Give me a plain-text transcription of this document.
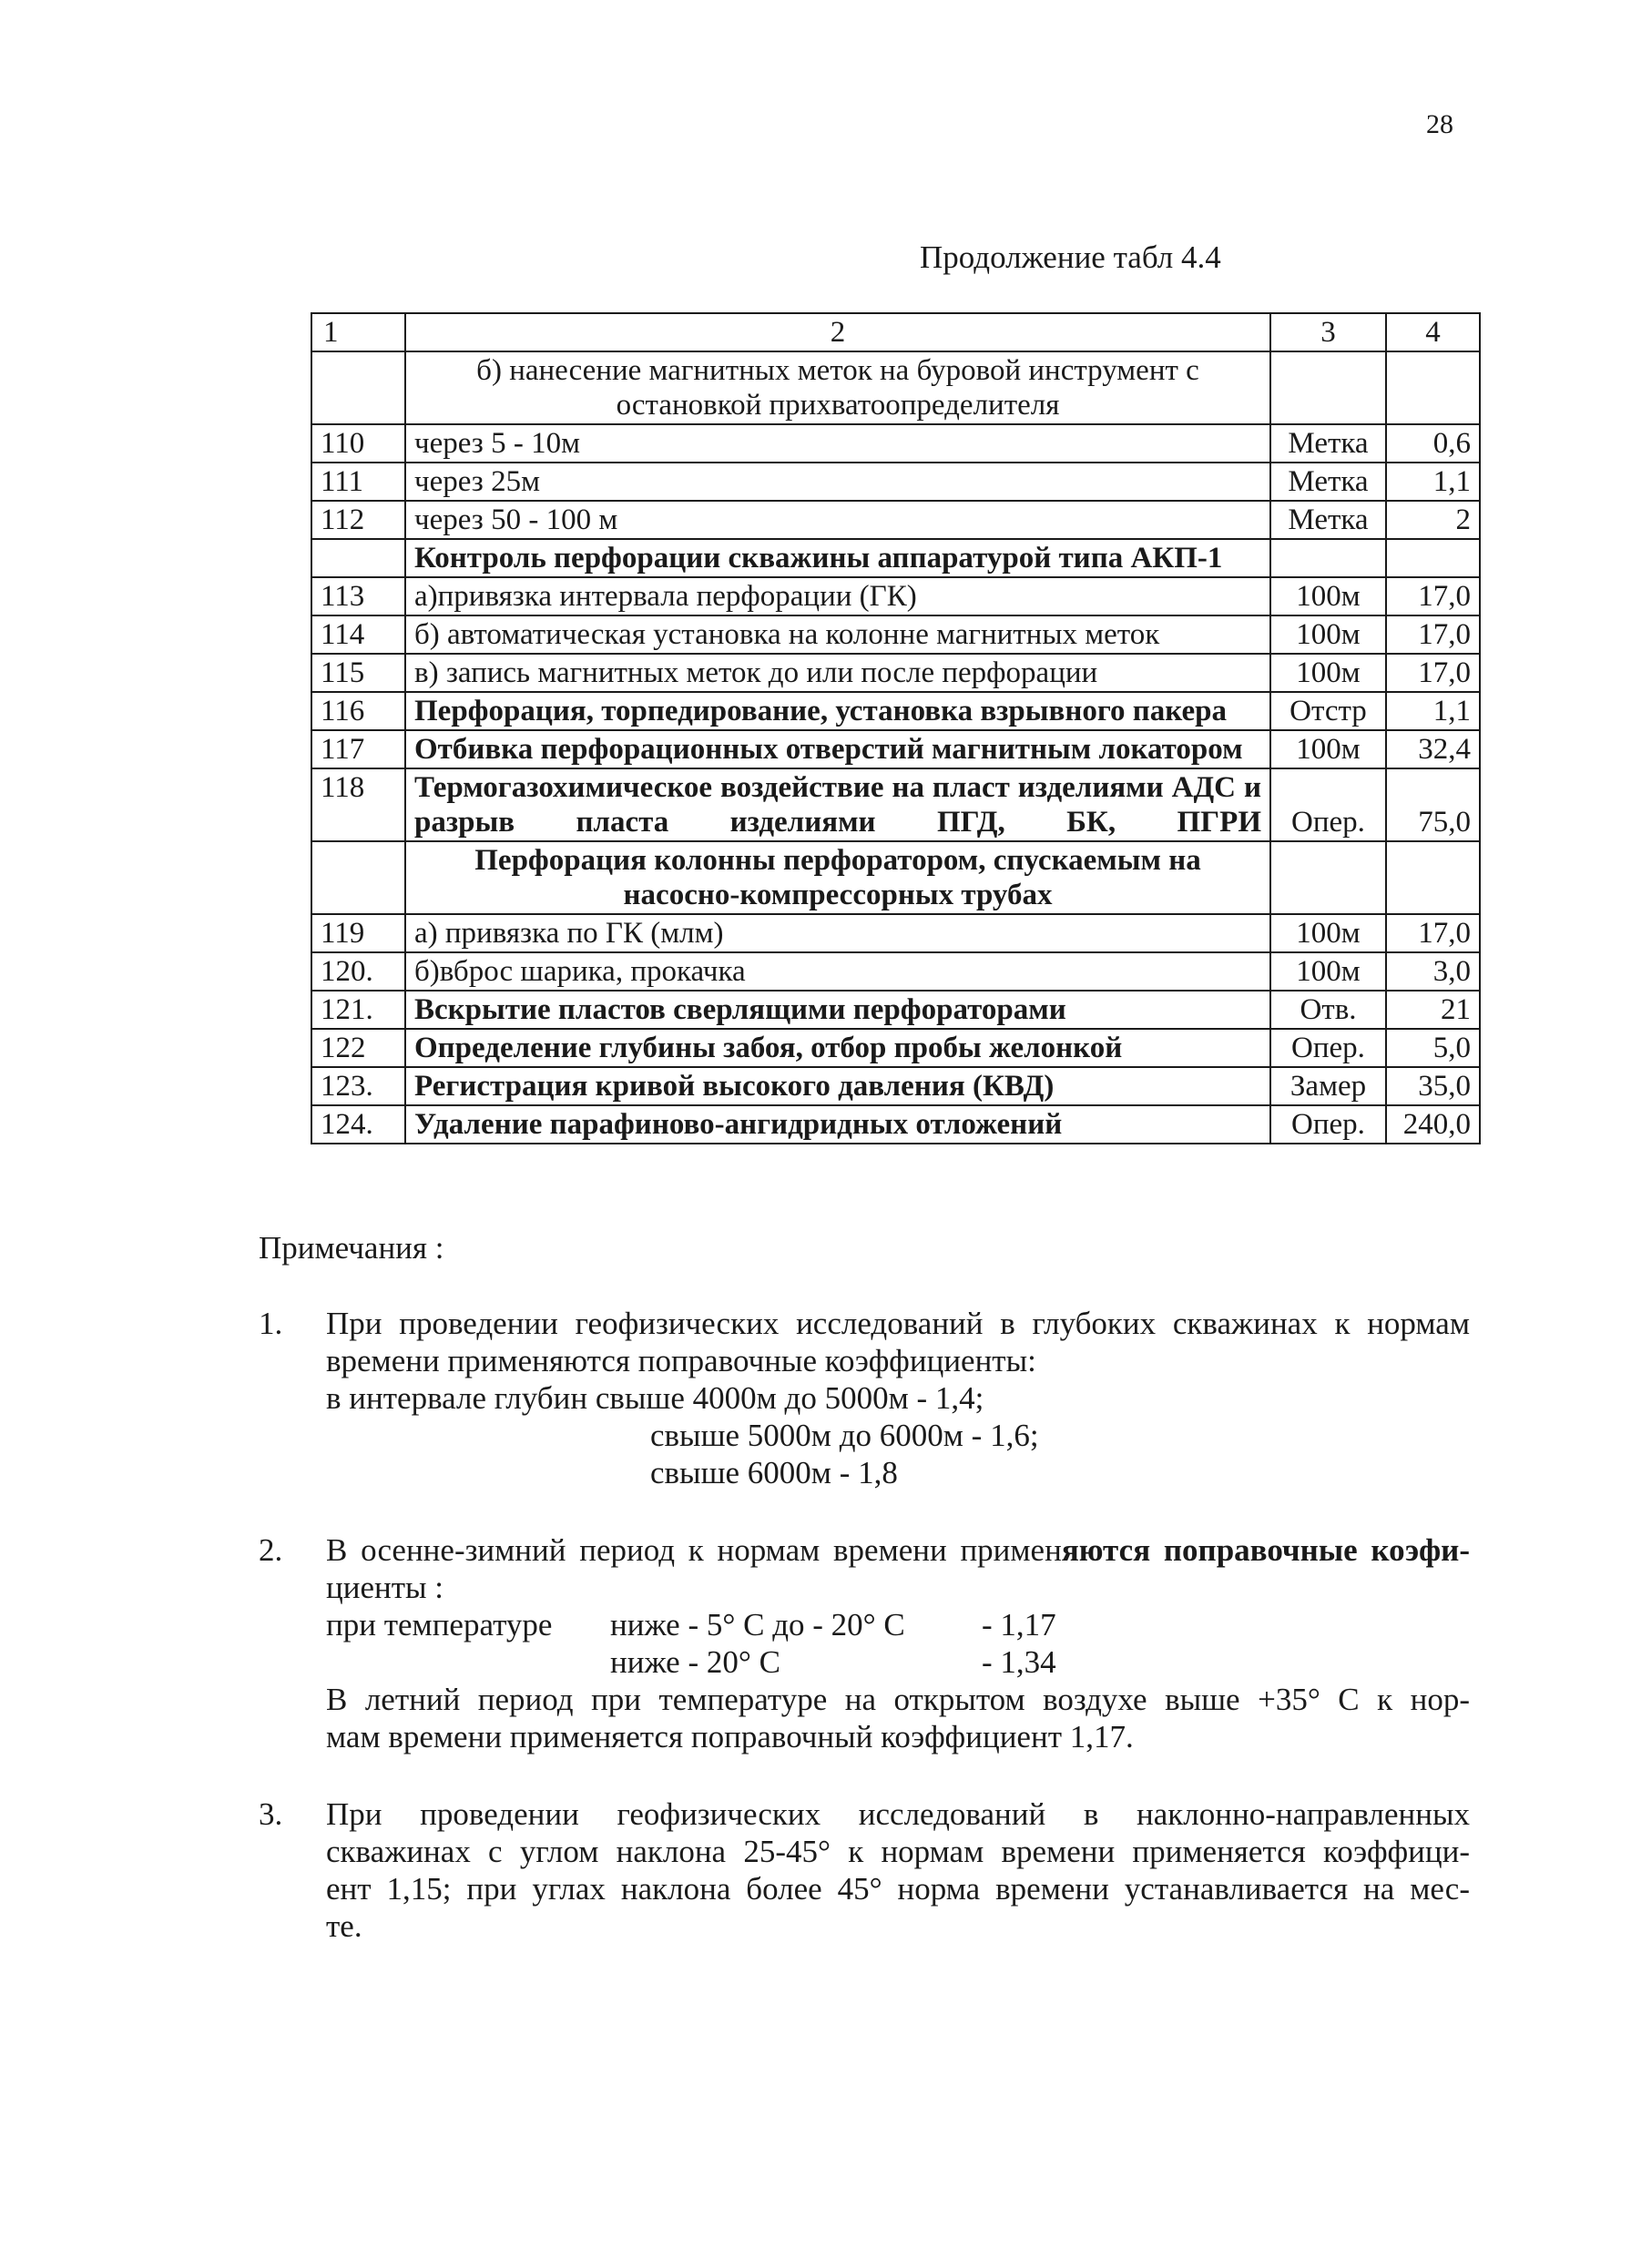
28
Продолжение табл 4.4
1	2	3	4
	б) нанесение магнитных меток на буровой инструмент с остановкой прихватоопределителя		
110	через 5 - 10м	Метка	0,6
111	через 25м	Метка	1,1
112	через 50 - 100 м	Метка	2
	Контроль перфорации скважины аппаратурой типа АКП-1		
113	а)привязка интервала перфорации (ГК)	100м	17,0
114	б) автоматическая установка на колонне магнитных меток	100м	17,0
115	в) запись магнитных меток до или после перфорации	100м	17,0
116	Перфорация, торпедирование, установка взрывного пакера	Отстр	1,1
117	Отбивка перфорационных отверстий магнитным локатором	100м	32,4
118	Термогазохимическое воздействие на пласт изделиями АДС и разрыв пласта изделиями ПГД, БК, ПГРИ	Опер.	75,0
	Перфорация колонны перфоратором, спускаемым на насосно-компрессорных трубах		
119	а) привязка по ГК (млм)	100м	17,0
120.	б)вброс шарика, прокачка	100м	3,0
121.	Вскрытие пластов сверлящими перфораторами	Отв.	21
122	Определение глубины забоя, отбор пробы желонкой	Опер.	5,0
123.	Регистрация кривой высокого давления (КВД)	Замер	35,0
124.	Удаление парафиново-ангидридных отложений	Опер.	240,0
Примечания :
1. При проведении геофизических исследований в глубоких скважинах к нормам

времени применяются поправочные коэффициенты:

в интервале глубин свыше 4000м до 5000м - 1,4;

свыше 5000м до 6000м - 1,6;

свыше 6000м - 1,8

2. В осенне-зимний период к нормам времени применяются поправочные коэфи-

циенты :

при температуре	ниже - 5° С до - 20° С	- 1,17
ниже - 20° С	- 1,34

В летний период при температуре на открытом воздухе выше +35° С к нор-

мам времени применяется поправочный коэффициент 1,17.

3. При проведении геофизических исследований в наклонно-направленных

скважинах с углом наклона 25-45° к нормам времени применяется коэффици-

ент 1,15; при углах наклона более 45° норма времени устанавливается на мес-

те.
